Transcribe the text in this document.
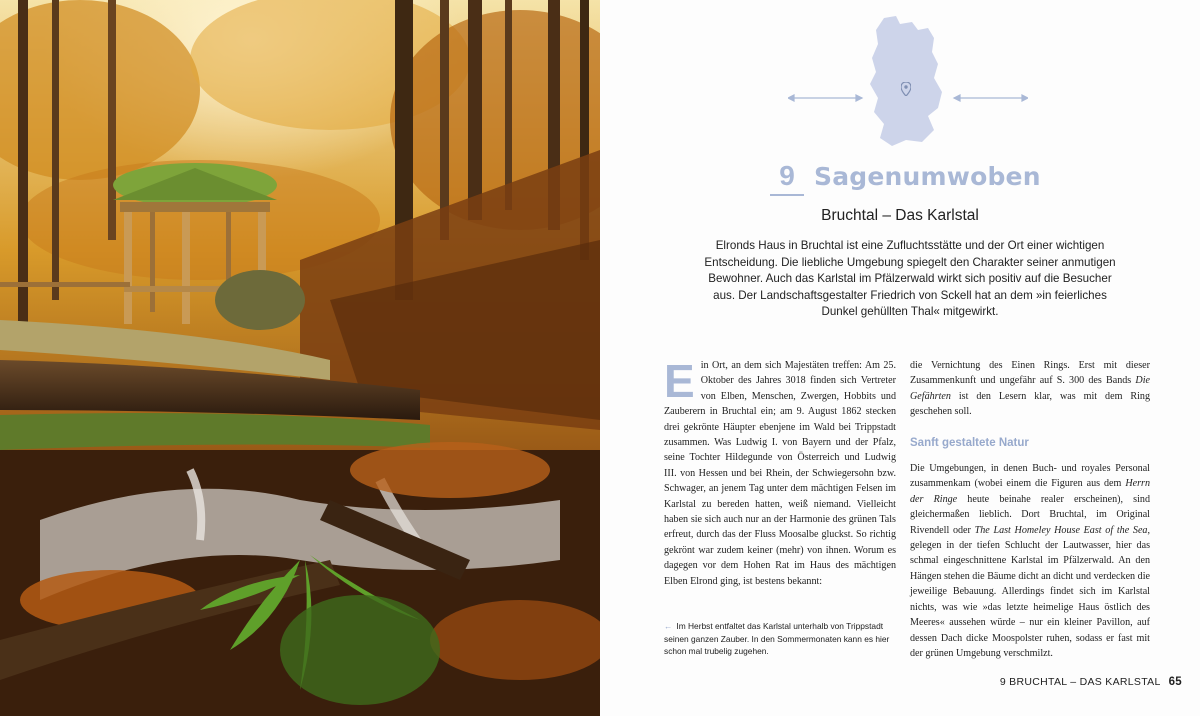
9 Sagenumwoben
Bruchtal – Das Karlstal
Elronds Haus in Bruchtal ist eine Zufluchtsstätte und der Ort einer wichtigen Entscheidung. Die liebliche Umgebung spiegelt den Charakter seiner anmutigen Bewohner. Auch das Karlstal im Pfälzerwald wirkt sich positiv auf die Besucher aus. Der Landschaftsgestalter Friedrich von Sckell hat an dem »in feierliches Dunkel gehüllten Thal« mitgewirkt.

Ein Ort, an dem sich Majestäten treffen: Am 25. Oktober des Jahres 3018 finden sich Vertreter von Elben, Menschen, Zwergen, Hobbits und Zauberern in Bruchtal ein; am 9. August 1862 stecken drei gekrönte Häupter ebenjene im Wald bei Trippstadt zusammen. Was Ludwig I. von Bayern und der Pfalz, seine Tochter Hildegunde von Österreich und Ludwig III. von Hessen und bei Rhein, der Schwiegersohn bzw. Schwager, an jenem Tag unter dem mächtigen Felsen im Karlstal zu bereden hatten, weiß niemand. Vielleicht haben sie sich auch nur an der Harmonie des grünen Tals erfreut, durch das der Fluss Moosalbe gluckst. So richtig gekrönt war zudem keiner (mehr) von ihnen. Worum es dagegen vor dem Hohen Rat im Haus des mächtigen Elben Elrond ging, ist bestens bekannt:

die Vernichtung des Einen Rings. Erst mit dieser Zusammenkunft und ungefähr auf S. 300 des Bands Die Gefährten ist den Lesern klar, was mit dem Ring geschehen soll.

Sanft gestaltete Natur

Die Umgebungen, in denen Buch- und royales Personal zusammenkam (wobei einem die Figuren aus dem Herrn der Ringe heute beinahe realer erscheinen), sind gleichermaßen lieblich. Dort Bruchtal, im Original Rivendell oder The Last Homeley House East of the Sea, gelegen in der tiefen Schlucht der Lautwasser, hier das schmal eingeschnittene Karlstal im Pfälzerwald. An den Hängen stehen die Bäume dicht an dicht und verdecken die jeweilige Bebauung. Allerdings findet sich im Karlstal nichts, was wie »das letzte heimelige Haus östlich des Meeres« aussehen würde – nur ein kleiner Pavillon, auf dessen Dach dicke Moospolster ruhen, sodass er fast mit der grünen Umgebung verschmilzt.

← Im Herbst entfaltet das Karlstal unterhalb von Trippstadt seinen ganzen Zauber. In den Sommermonaten kann es hier schon mal trubelig zugehen.
9 BRUCHTAL – DAS KARLSTAL 65
